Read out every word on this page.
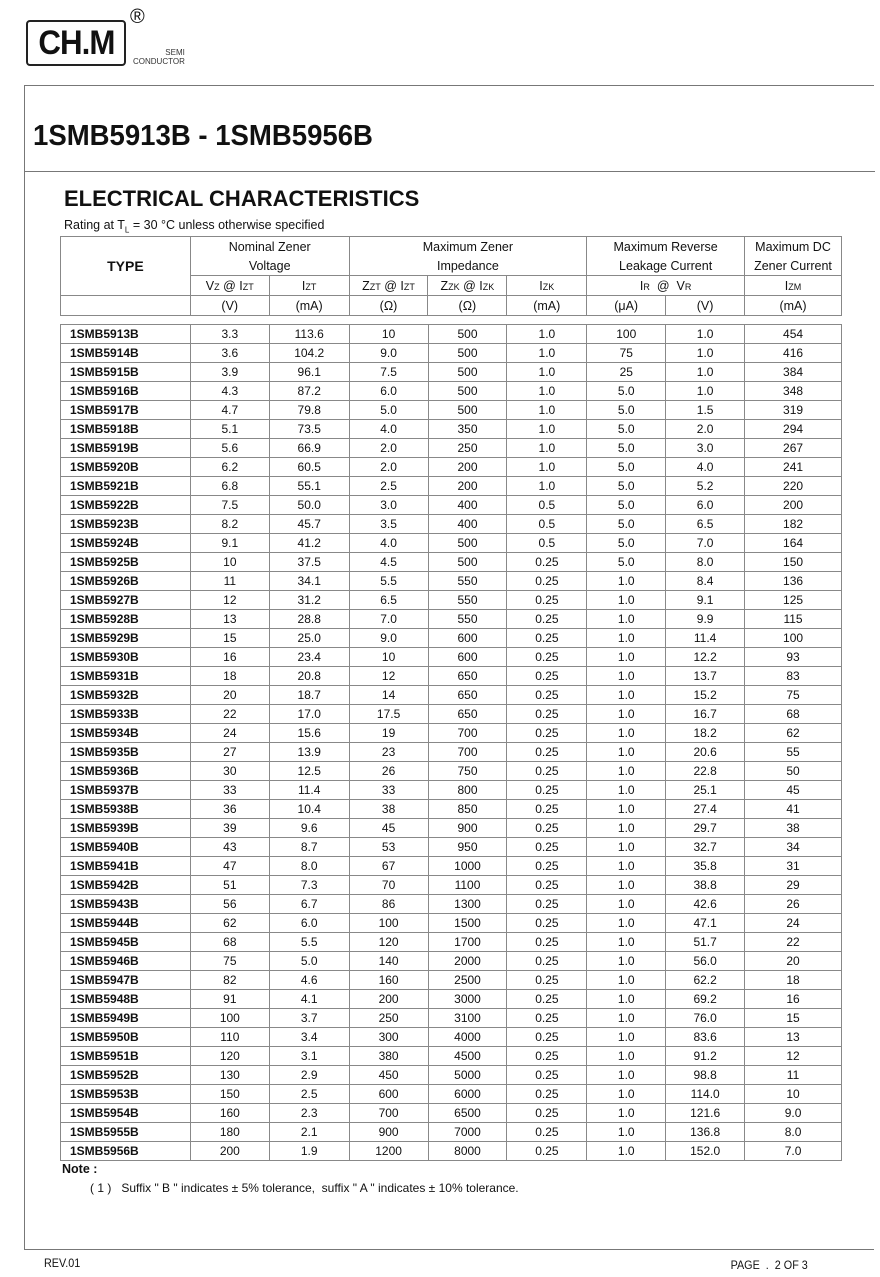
CH.M
®
SEMI
CONDUCTOR
1SMB5913B - 1SMB5956B
ELECTRICAL CHARACTERISTICS
Rating at $T_L = 30$ °C unless otherwise specified
TYPE	Nominal Zener		Maximum Zener			Maximum Reverse		Maximum DC
	Voltage		Impedance			Leakage Current		Zener Current
	VZ @ IZT	IZT	ZZT @ IZT	ZZK @ IZK	IZK	IR  @  VR		IZM
	(V)	(mA)	(Ω)	(Ω)	(mA)	(μA)	(V)	(mA)
1SMB5913B	3.3	113.6	10	500	1.0	100	1.0	454
1SMB5914B	3.6	104.2	9.0	500	1.0	75	1.0	416
1SMB5915B	3.9	96.1	7.5	500	1.0	25	1.0	384
1SMB5916B	4.3	87.2	6.0	500	1.0	5.0	1.0	348
1SMB5917B	4.7	79.8	5.0	500	1.0	5.0	1.5	319
1SMB5918B	5.1	73.5	4.0	350	1.0	5.0	2.0	294
1SMB5919B	5.6	66.9	2.0	250	1.0	5.0	3.0	267
1SMB5920B	6.2	60.5	2.0	200	1.0	5.0	4.0	241
1SMB5921B	6.8	55.1	2.5	200	1.0	5.0	5.2	220
1SMB5922B	7.5	50.0	3.0	400	0.5	5.0	6.0	200
1SMB5923B	8.2	45.7	3.5	400	0.5	5.0	6.5	182
1SMB5924B	9.1	41.2	4.0	500	0.5	5.0	7.0	164
1SMB5925B	10	37.5	4.5	500	0.25	5.0	8.0	150
1SMB5926B	11	34.1	5.5	550	0.25	1.0	8.4	136
1SMB5927B	12	31.2	6.5	550	0.25	1.0	9.1	125
1SMB5928B	13	28.8	7.0	550	0.25	1.0	9.9	115
1SMB5929B	15	25.0	9.0	600	0.25	1.0	11.4	100
1SMB5930B	16	23.4	10	600	0.25	1.0	12.2	93
1SMB5931B	18	20.8	12	650	0.25	1.0	13.7	83
1SMB5932B	20	18.7	14	650	0.25	1.0	15.2	75
1SMB5933B	22	17.0	17.5	650	0.25	1.0	16.7	68
1SMB5934B	24	15.6	19	700	0.25	1.0	18.2	62
1SMB5935B	27	13.9	23	700	0.25	1.0	20.6	55
1SMB5936B	30	12.5	26	750	0.25	1.0	22.8	50
1SMB5937B	33	11.4	33	800	0.25	1.0	25.1	45
1SMB5938B	36	10.4	38	850	0.25	1.0	27.4	41
1SMB5939B	39	9.6	45	900	0.25	1.0	29.7	38
1SMB5940B	43	8.7	53	950	0.25	1.0	32.7	34
1SMB5941B	47	8.0	67	1000	0.25	1.0	35.8	31
1SMB5942B	51	7.3	70	1100	0.25	1.0	38.8	29
1SMB5943B	56	6.7	86	1300	0.25	1.0	42.6	26
1SMB5944B	62	6.0	100	1500	0.25	1.0	47.1	24
1SMB5945B	68	5.5	120	1700	0.25	1.0	51.7	22
1SMB5946B	75	5.0	140	2000	0.25	1.0	56.0	20
1SMB5947B	82	4.6	160	2500	0.25	1.0	62.2	18
1SMB5948B	91	4.1	200	3000	0.25	1.0	69.2	16
1SMB5949B	100	3.7	250	3100	0.25	1.0	76.0	15
1SMB5950B	110	3.4	300	4000	0.25	1.0	83.6	13
1SMB5951B	120	3.1	380	4500	0.25	1.0	91.2	12
1SMB5952B	130	2.9	450	5000	0.25	1.0	98.8	11
1SMB5953B	150	2.5	600	6000	0.25	1.0	114.0	10
1SMB5954B	160	2.3	700	6500	0.25	1.0	121.6	9.0
1SMB5955B	180	2.1	900	7000	0.25	1.0	136.8	8.0
1SMB5956B	200	1.9	1200	8000	0.25	1.0	152.0	7.0
Note :
( 1 )   Suffix " B " indicates ± 5% tolerance,  suffix " A " indicates ± 10% tolerance.
REV.01	PAGE  .  2 OF 3
